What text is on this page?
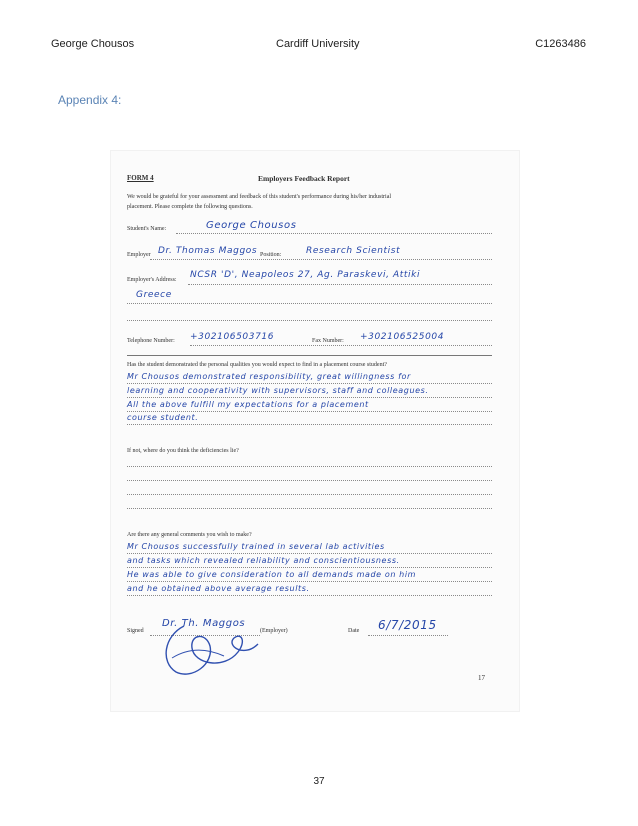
George Chousos	Cardiff University	C1263486
Appendix 4:
FORM 4	Employers Feedback Report
We would be grateful for your assessment and feedback of this student's performance during his/her industrial
placement. Please complete the following questions.
Student's Name:	George Chousos
Employer Dr. Thomas Maggos Position:	Research Scientist
Employer's Address: NCSR 'D', Neapoleos 27, Ag. Paraskevi, Attiki
Greece
Telephone Number: +302106503716	Fax Number: +302106525004
Has the student demonstrated the personal qualities you would expect to find in a placement course student?
Mr Chousos demonstrated responsibility, great willingness for
learning and cooperativity with supervisors, staff and colleagues.
All the above fulfill my expectations for a placement
course student.
If not, where do you think the deficiencies lie?
Are there any general comments you wish to make?
Mr Chousos successfully trained in several lab activities
and tasks which revealed reliability and conscientiousness.
He was able to give consideration to all demands made on him
and he obtained above average results.
Signed
Dr. Th. Maggos
(Employer)	Date 6/7/2015
17
37
